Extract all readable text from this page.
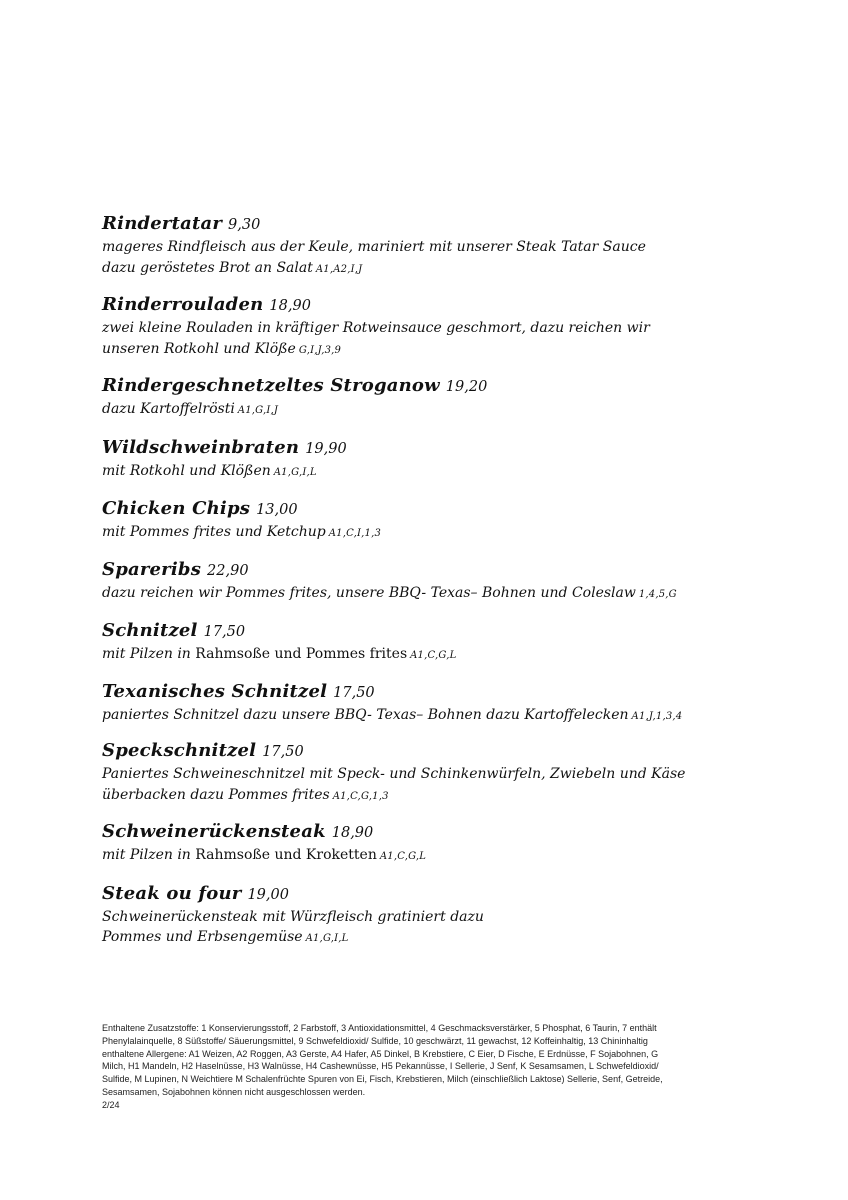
Rindertatar 9,30
mageres Rindfleisch aus der Keule, mariniert mit unserer Steak Tatar Sauce
dazu geröstetes Brot an Salat A1,A2,I,J
Rinderrouladen 18,90
zwei kleine Rouladen in kräftiger Rotweinsauce geschmort, dazu reichen wir
unseren Rotkohl und Klöße G,I,J,3,9
Rindergeschnetzeltes Stroganow 19,20
dazu Kartoffelrösti A1,G,I,J
Wildschweinbraten 19,90
mit Rotkohl und Klößen A1,G,I,L
Chicken Chips 13,00
mit Pommes frites und Ketchup A1,C,I,1,3
Spareribs 22,90
dazu reichen wir Pommes frites, unsere BBQ- Texas– Bohnen und Coleslaw 1,4,5,G
Schnitzel 17,50
mit Pilzen in Rahmsoße und Pommes frites A1,C,G,L
Texanisches Schnitzel 17,50
paniertes Schnitzel dazu unsere BBQ- Texas– Bohnen dazu Kartoffelecken A1,J,1,3,4
Speckschnitzel 17,50
Paniertes Schweineschnitzel mit Speck- und Schinkenwürfeln, Zwiebeln und Käse
überbacken dazu Pommes frites A1,C,G,1,3
Schweinerückensteak 18,90
mit Pilzen in Rahmsoße und Kroketten A1,C,G,L
Steak ou four 19,00
Schweinerückensteak mit Würzfleisch gratiniert dazu
Pommes und Erbsengemüse A1,G,I,L
Enthaltene Zusatzstoffe: 1 Konservierungsstoff, 2 Farbstoff, 3 Antioxidationsmittel, 4 Geschmacksverstärker, 5 Phosphat, 6 Taurin, 7 enthält
Phenylalainquelle, 8 Süßstoffe/ Säuerungsmittel, 9 Schwefeldioxid/ Sulfide, 10 geschwärzt, 11 gewachst, 12 Koffeinhaltig, 13 Chininhaltig
enthaltene Allergene: A1 Weizen, A2 Roggen, A3 Gerste, A4 Hafer, A5 Dinkel, B Krebstiere, C Eier, D Fische, E Erdnüsse, F Sojabohnen, G
Milch, H1 Mandeln, H2 Haselnüsse, H3 Walnüsse, H4 Cashewnüsse, H5 Pekannüsse, I Sellerie, J Senf, K Sesamsamen, L Schwefeldioxid/
Sulfide, M Lupinen, N Weichtiere M Schalenfrüchte Spuren von Ei, Fisch, Krebstieren, Milch (einschließlich Laktose) Sellerie, Senf, Getreide,
Sesamsamen, Sojabohnen können nicht ausgeschlossen werden.
2/24
